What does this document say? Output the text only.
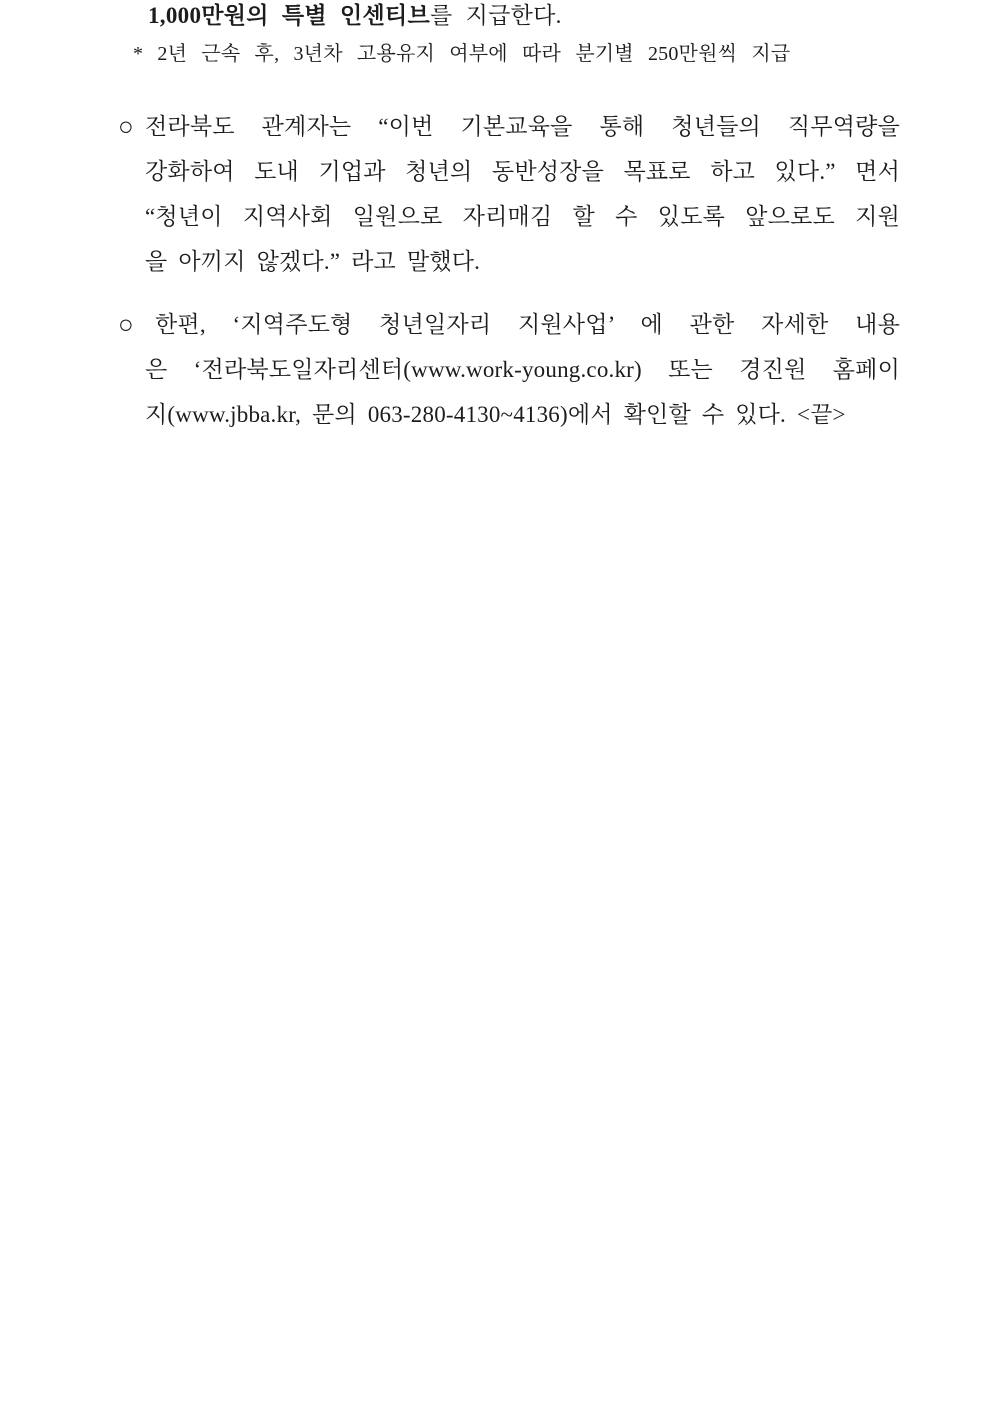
1,000만원의 특별 인센티브를 지급한다.
* 2년 근속 후, 3년차 고용유지 여부에 따라 분기별 250만원씩 지급
○ 전라북도 관계자는 “이번 기본교육을 통해 청년들의 직무역량을
강화하여 도내 기업과 청년의 동반성장을 목표로 하고 있다.” 면서
“청년이 지역사회 일원으로 자리매김 할 수 있도록 앞으로도 지원
을 아끼지 않겠다.” 라고 말했다.
○ 한편, ‘지역주도형 청년일자리 지원사업’ 에 관한 자세한 내용
은 ‘전라북도일자리센터(www.work-young.co.kr) 또는 경진원 홈페이
지(www.jbba.kr, 문의 063-280-4130~4136)에서 확인할 수 있다. <끝>
